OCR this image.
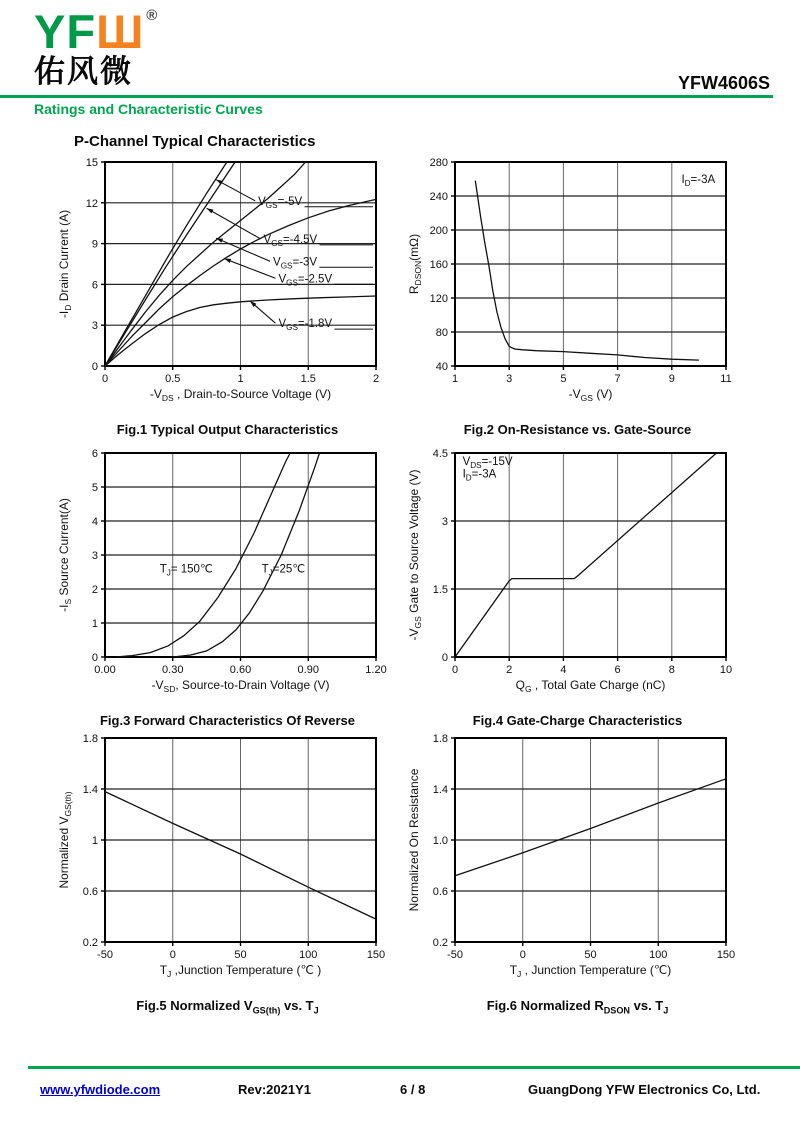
YFШ ®
佑风微	YFW4606S
Ratings and Characteristic Curves
P-Channel Typical Characteristics
0	0.5	1	1.5	2
0
3
6
9
12
15
$-V_{DS}$ , Drain-to-Source Voltage (V)
$-I_D$ Drain Current (A)
$V_{GS}=-5V$
$V_{GS}=-4.5V$
$V_{GS}=-3V$
$V_{GS}=-2.5V$
$V_{GS}=-1.8V$
Fig.1 Typical Output Characteristics
1	3	5	7	9	11
40
80
120
160
200
240
280
$-V_{GS}$ (V)
$R_{DSON}(m\Omega)$
$I_D=-3A$
Fig.2 On-Resistance vs. Gate-Source
0.00	0.30	0.60	0.90	1.20
0
1
2
3
4
5
6
$-V_{SD}$, Source-to-Drain Voltage (V)
$-I_S$ Source Current(A)	$T_J=$ 150℃	$T_J=25℃$
Fig.3 Forward Characteristics Of Reverse
0	2	4	6	8	10
0
1.5
3
4.5
$Q_G$ , Total Gate Charge (nC)
$-V_{GS}$ Gate to Source Voltage (V)
$V_{DS}=-15V$
$I_D=-3A$
Fig.4 Gate-Charge Characteristics
-50	0	50	100	150
0.2
0.6
1
1.4
1.8
$T_J$ ,Junction Temperature (℃ )
Normalized $V_{GS(th)}$
Fig.5 Normalized $V_{GS(th)}$ vs. $T_J$
-50	0	50	100	150
0.2
0.6
1.0
1.4
1.8
$T_J$ , Junction Temperature (℃)
Normalized On Resistance
Fig.6 Normalized $R_{DSON}$ vs. $T_J$
www.yfwdiode.com	Rev:2021Y1	6 / 8	GuangDong YFW Electronics Co, Ltd.
